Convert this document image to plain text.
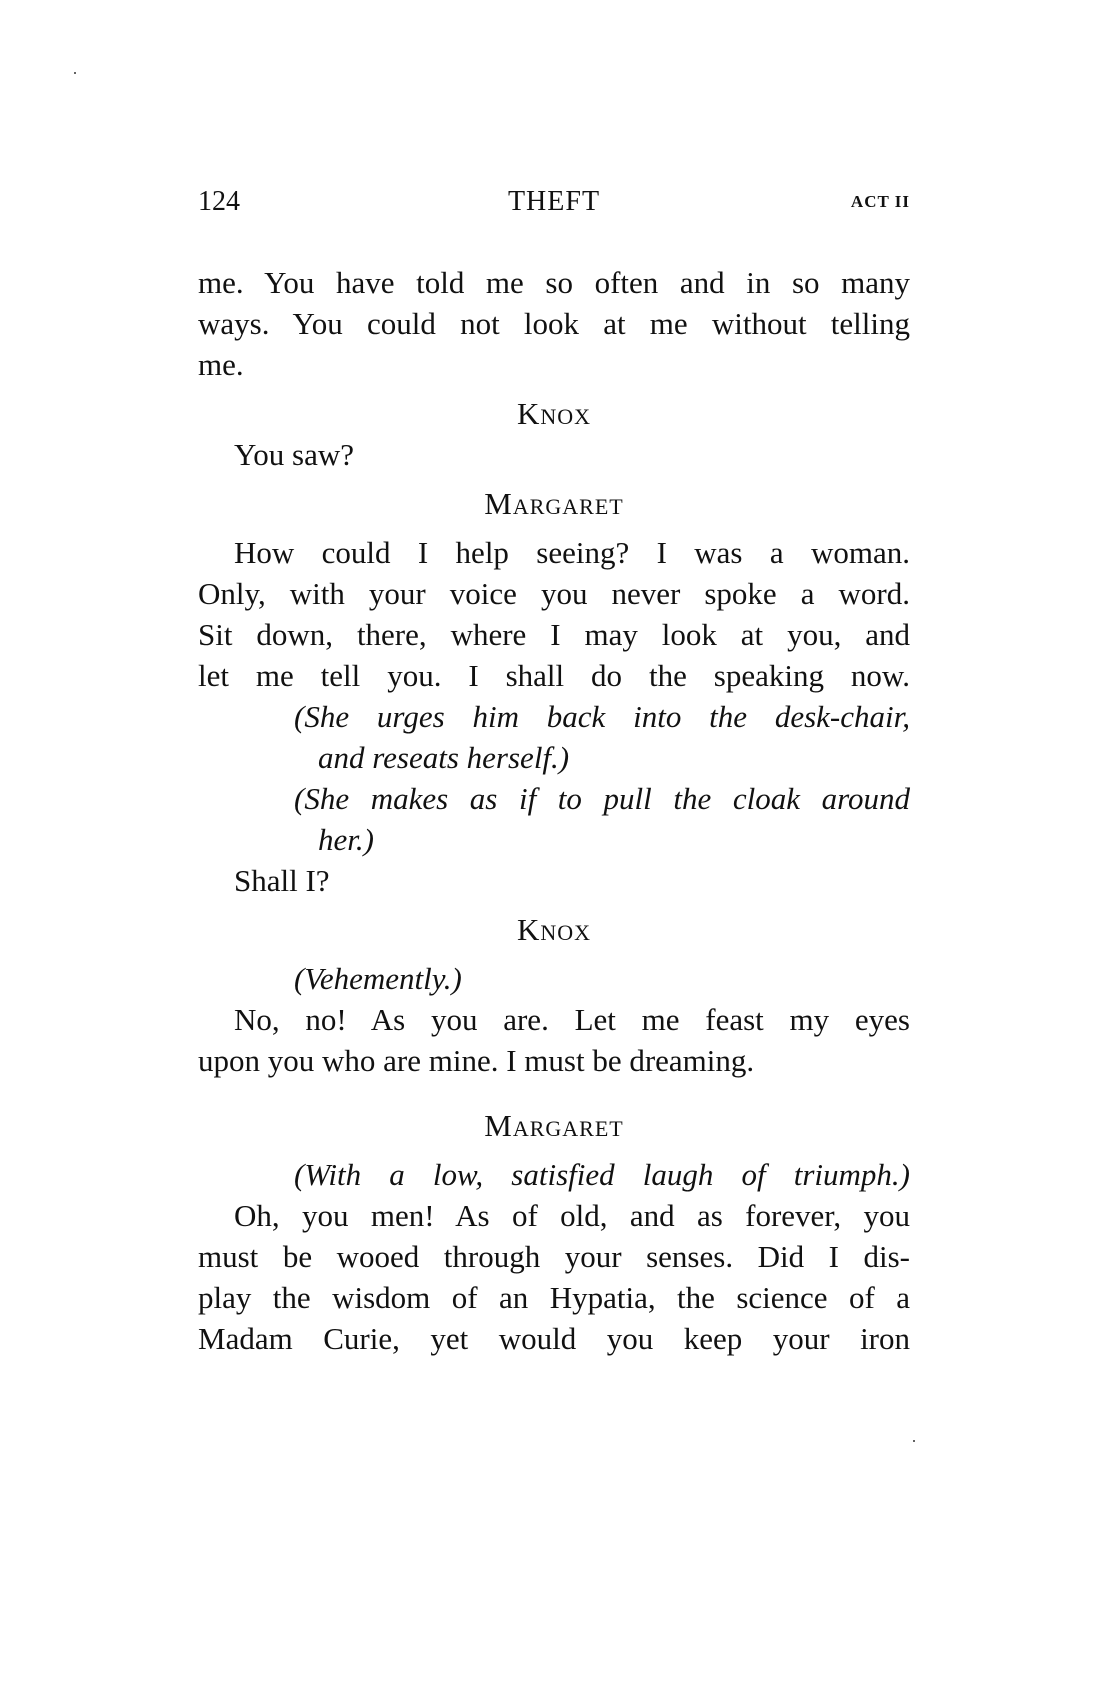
124	THEFT	ACT II
me. You have told me so often and in so many
ways. You could not look at me without telling
me.
Knox
You saw?
Margaret
How could I help seeing? I was a woman.
Only, with your voice you never spoke a word.
Sit down, there, where I may look at you, and
let me tell you. I shall do the speaking now.
(She urges him back into the desk-chair,
and reseats herself.)
(She makes as if to pull the cloak around
her.)
Shall I?
Knox
(Vehemently.)
No, no! As you are. Let me feast my eyes
upon you who are mine. I must be dreaming.
Margaret
(With a low, satisfied laugh of triumph.)
Oh, you men! As of old, and as forever, you
must be wooed through your senses. Did I dis-
play the wisdom of an Hypatia, the science of a
Madam Curie, yet would you keep your iron
